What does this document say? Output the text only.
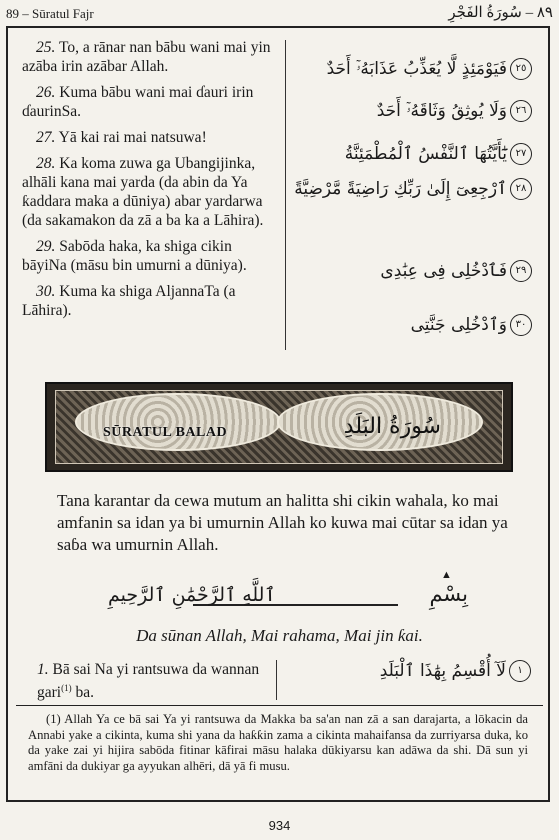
89 – Sūratul Fajr	٨٩ – سُورَةُ الفَجْرِ

25. To, a rānar nan bābu wani mai yin azāba irin azābar Allah.

26. Kuma bābu wani mai ɗauri irin ɗaurinSa.

27. Yā kai rai mai natsuwa!

28. Ka koma zuwa ga Ubangijinka, alhāli kana mai yarda (da abin da Ya ƙaddara maka a dūniya) abar yardarwa (da sakamakon da zā a ba ka a Lāhira).

29. Sabōda haka, ka shiga cikin bāyiNa (māsu bin umurni a dūniya).

30. Kuma ka shiga AljannaTa (a Lāhira).

٢٥فَيَوْمَئِذٍ لَّا يُعَذِّبُ عَذَابَهُۥٓ أَحَدٌ
٢٦وَلَا يُوثِقُ وَثَاقَهُۥٓ أَحَدٌ
٢٧يَٰٓأَيَّتُهَا ٱلنَّفْسُ ٱلْمُطْمَئِنَّةُ
٢٨ٱرْجِعِىٓ إِلَىٰ رَبِّكِ رَاضِيَةً مَّرْضِيَّةً
٢٩فَٱدْخُلِى فِى عِبَٰدِى
٣٠وَٱدْخُلِى جَنَّتِى
SŪRATUL BALAD	سُورَةُ البَلَدِ

Tana karantar da cewa mutum an halitta shi cikin wahala, ko mai amfanin sa idan ya bi umurnin Allah ko kuwa mai cūtar sa idan ya saɓa wa umurnin Allah.

▲
بِسْمِ
ٱللَّهِ ٱلرَّحْمَٰنِ ٱلرَّحِيمِ
Da sūnan Allah, Mai rahama, Mai jin ƙai.
1. Bā sai Na yi rantsuwa da wannan gari$^{(1)}$ ba.
١لَآ أُقْسِمُ بِهَٰذَا ٱلْبَلَدِ

(1) Allah Ya ce bā sai Ya yi rantsuwa da Makka ba sa'an nan zā a san darajarta, a lōkacin da Annabi yake a cikinta, kuma shi yana da haƙƙin zama a cikinta mahaifansa da zurriyarsa duka, ko da yake zai yi hijira sabōda fitinar kāfirai māsu halaka dūkiyarsu kan adāwa da shi. Dā sun yi amfāni da dukiyar ga ayyukan alhēri, dā yā fi musu.

934
